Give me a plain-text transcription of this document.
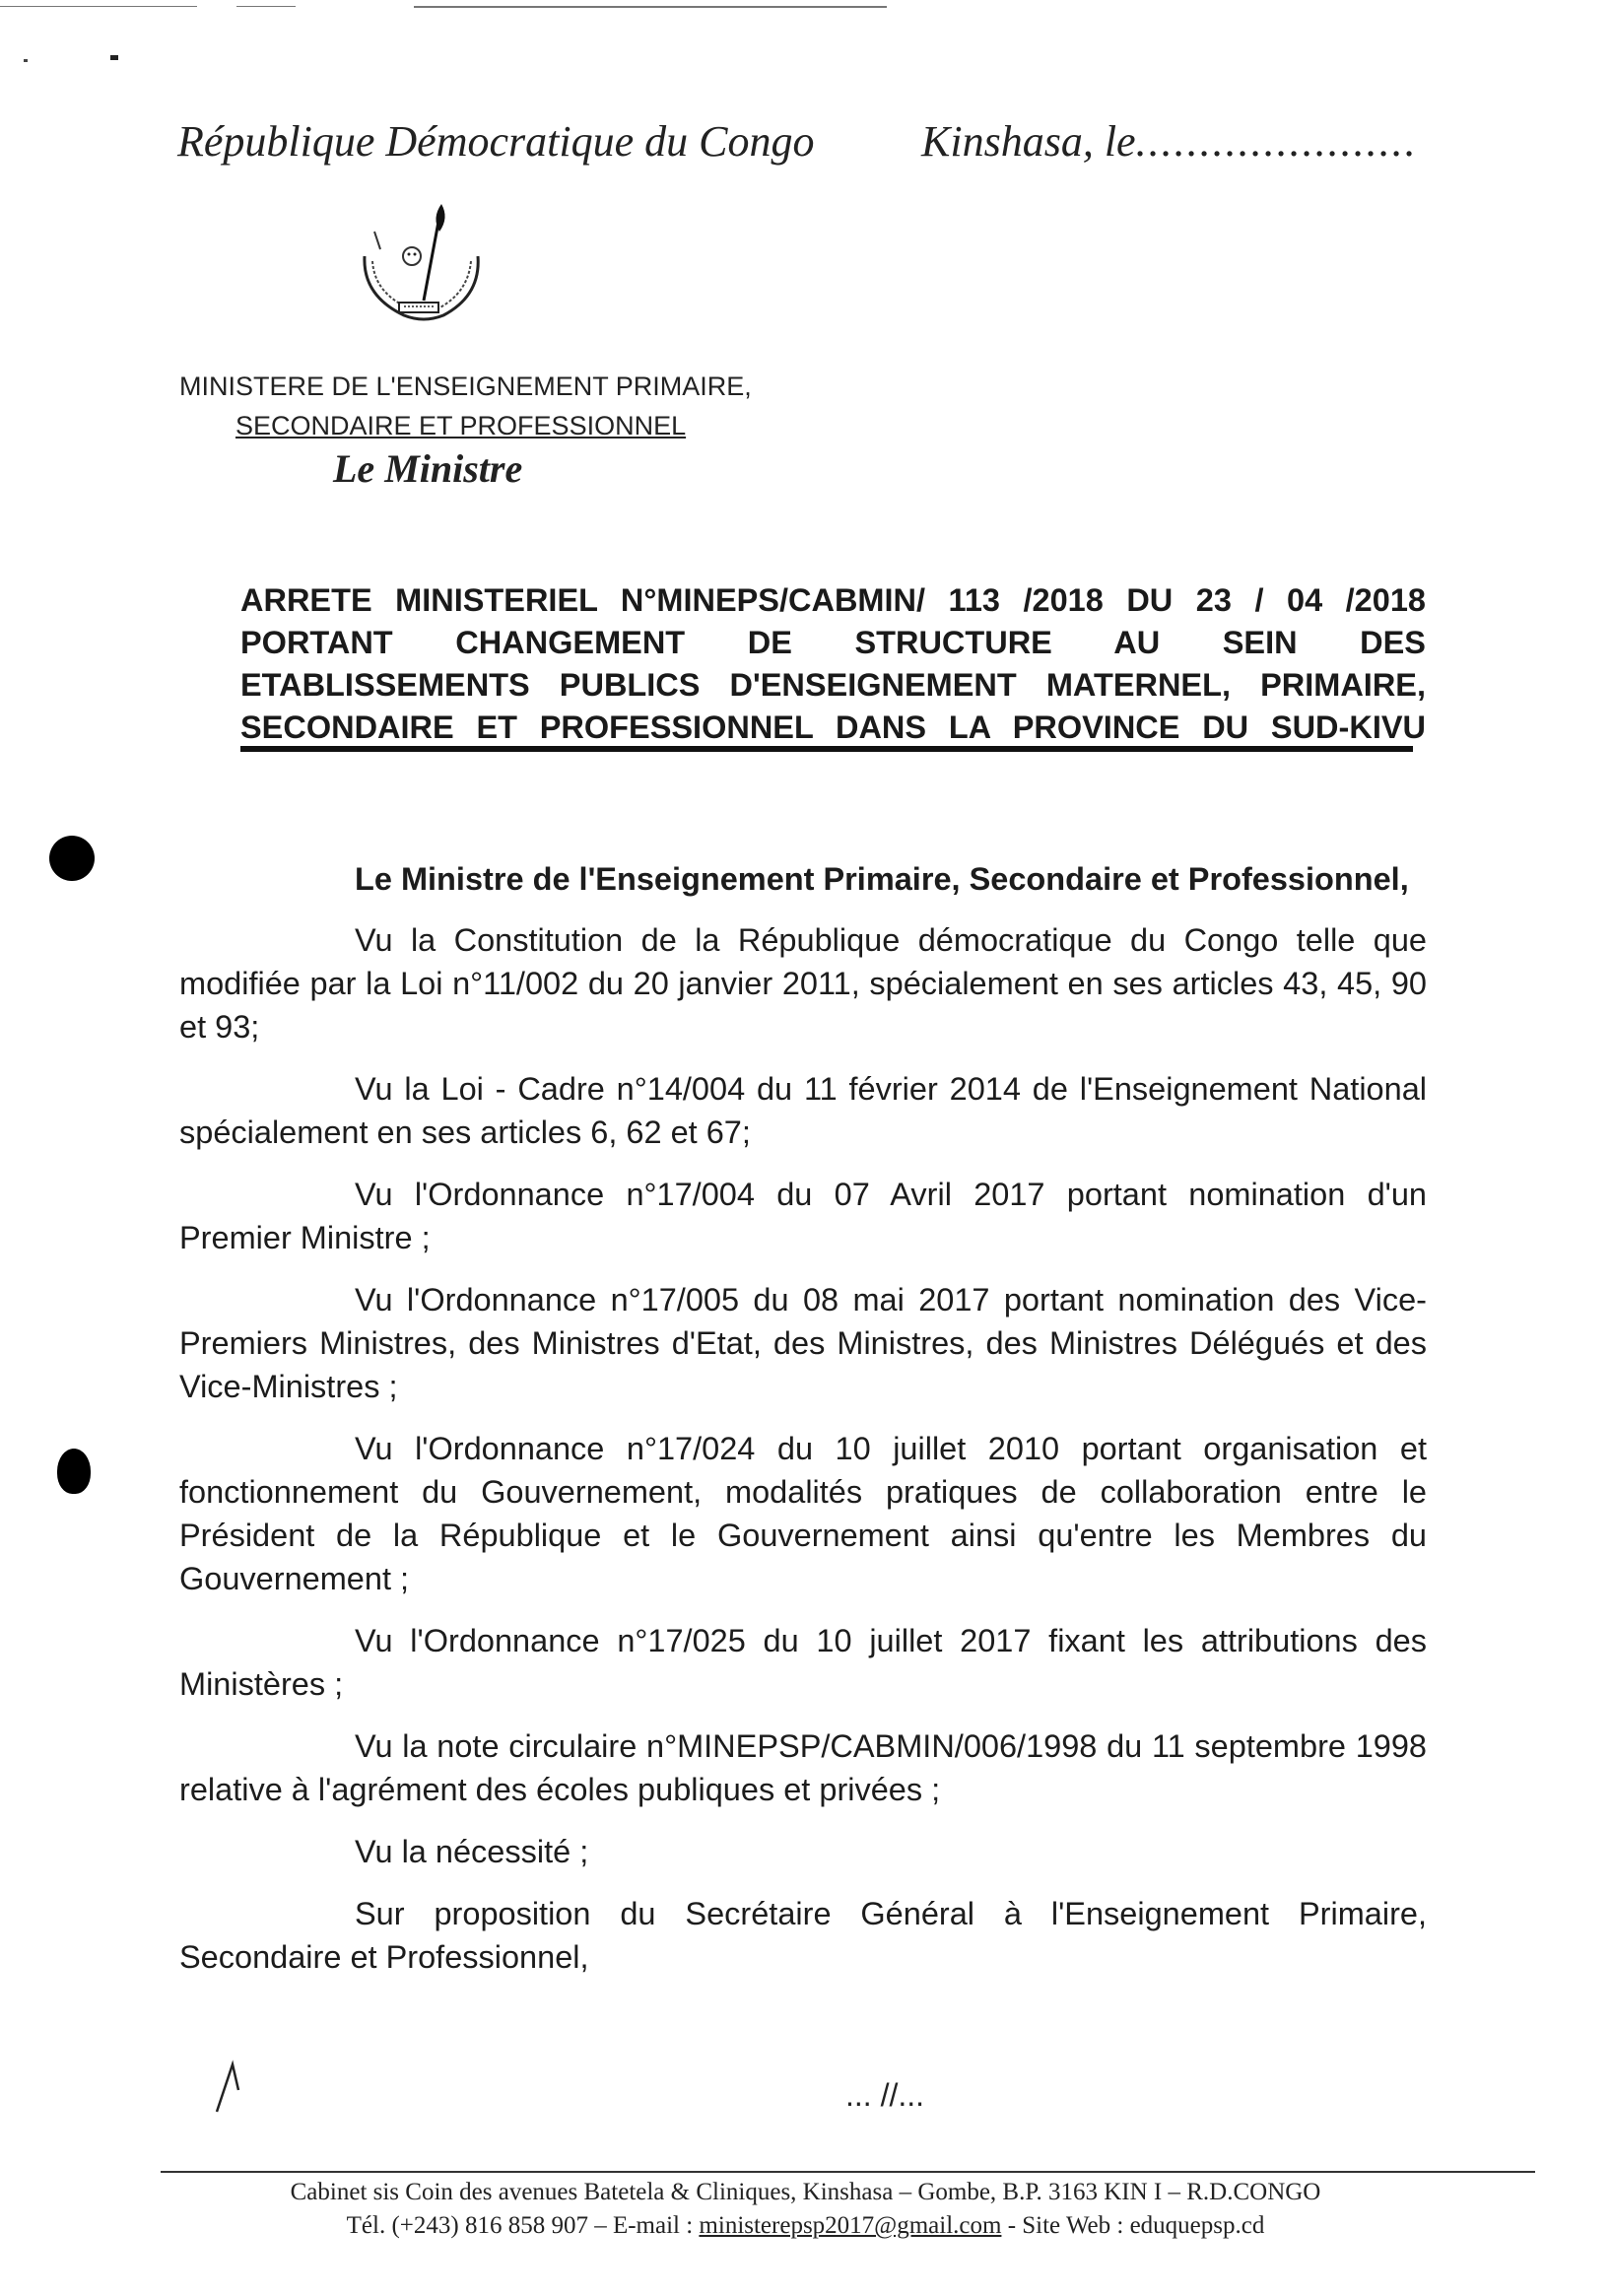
République Démocratique du Congo Kinshasa, le......................
MINISTERE DE L'ENSEIGNEMENT PRIMAIRE,
SECONDAIRE ET PROFESSIONNEL
Le Ministre
ARRETE MINISTERIEL N°MINEPS/CABMIN/ 113 /2018 DU 23 / 04 /2018
PORTANT CHANGEMENT DE STRUCTURE AU SEIN DES
ETABLISSEMENTS PUBLICS D'ENSEIGNEMENT MATERNEL, PRIMAIRE,
SECONDAIRE ET PROFESSIONNEL DANS LA PROVINCE DU SUD-KIVU

Le Ministre de l'Enseignement Primaire, Secondaire et Professionnel,

Vu la Constitution de la République démocratique du Congo telle que modifiée par la Loi n°11/002 du 20 janvier 2011, spécialement en ses articles 43, 45, 90 et 93;

Vu la Loi - Cadre n°14/004 du 11 février 2014 de l'Enseignement National spécialement en ses articles 6, 62 et 67;

Vu l'Ordonnance n°17/004 du 07 Avril 2017 portant nomination d'un Premier Ministre ;

Vu l'Ordonnance n°17/005 du 08 mai 2017 portant nomination des Vice-Premiers Ministres, des Ministres d'Etat, des Ministres, des Ministres Délégués et des Vice-Ministres ;

Vu l'Ordonnance n°17/024 du 10 juillet 2010 portant organisation et fonctionnement du Gouvernement, modalités pratiques de collaboration entre le Président de la République et le Gouvernement ainsi qu'entre les Membres du Gouvernement ;

Vu l'Ordonnance n°17/025 du 10 juillet 2017 fixant les attributions des Ministères ;

Vu la note circulaire n°MINEPSP/CABMIN/006/1998 du 11 septembre 1998 relative à l'agrément des écoles publiques et privées ;

Vu la nécessité ;

Sur proposition du Secrétaire Général à l'Enseignement Primaire, Secondaire et Professionnel,

... //...
Cabinet sis Coin des avenues Batetela & Cliniques, Kinshasa – Gombe, B.P. 3163 KIN I – R.D.CONGO
Tél. (+243) 816 858 907 – E-mail : ministerepsp2017@gmail.com - Site Web : eduquepsp.cd
